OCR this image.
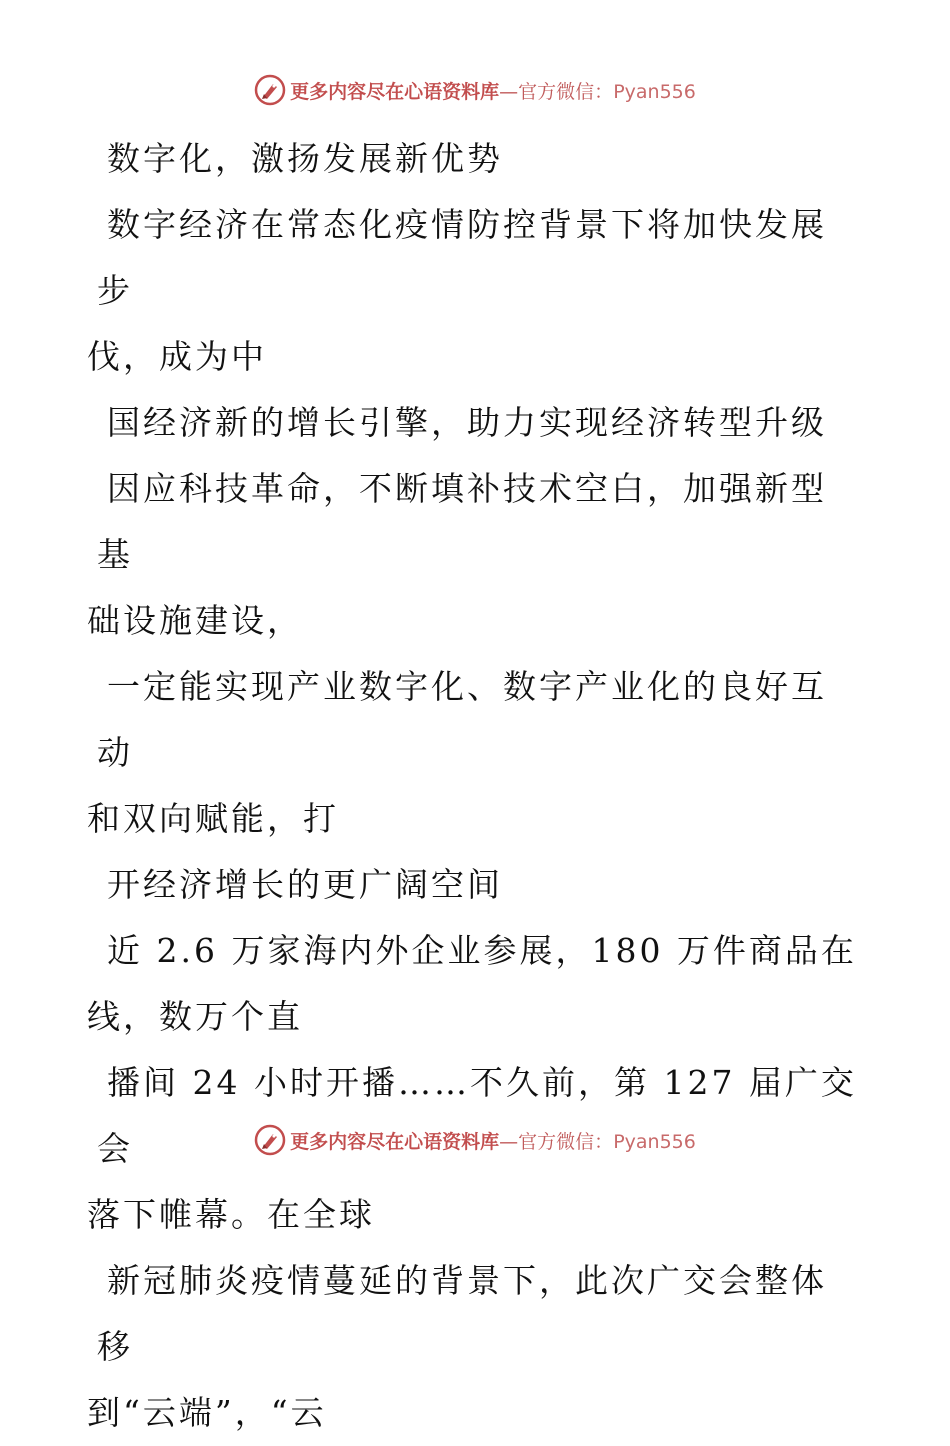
更多内容尽在心语资料库—官方微信：Pyan556

数字化，激扬发展新优势

数字经济在常态化疫情防控背景下将加快发展步
伐，成为中

国经济新的增长引擎，助力实现经济转型升级

因应科技革命，不断填补技术空白，加强新型基
础设施建设，

一定能实现产业数字化、数字产业化的良好互动
和双向赋能，打

开经济增长的更广阔空间

近 2.6 万家海内外企业参展，180 万件商品在
线，数万个直

播间 24 小时开播……不久前，第 127 届广交会
落下帷幕。在全球

新冠肺炎疫情蔓延的背景下，此次广交会整体移
到“云端”，“云

更多内容尽在心语资料库—官方微信：Pyan556
